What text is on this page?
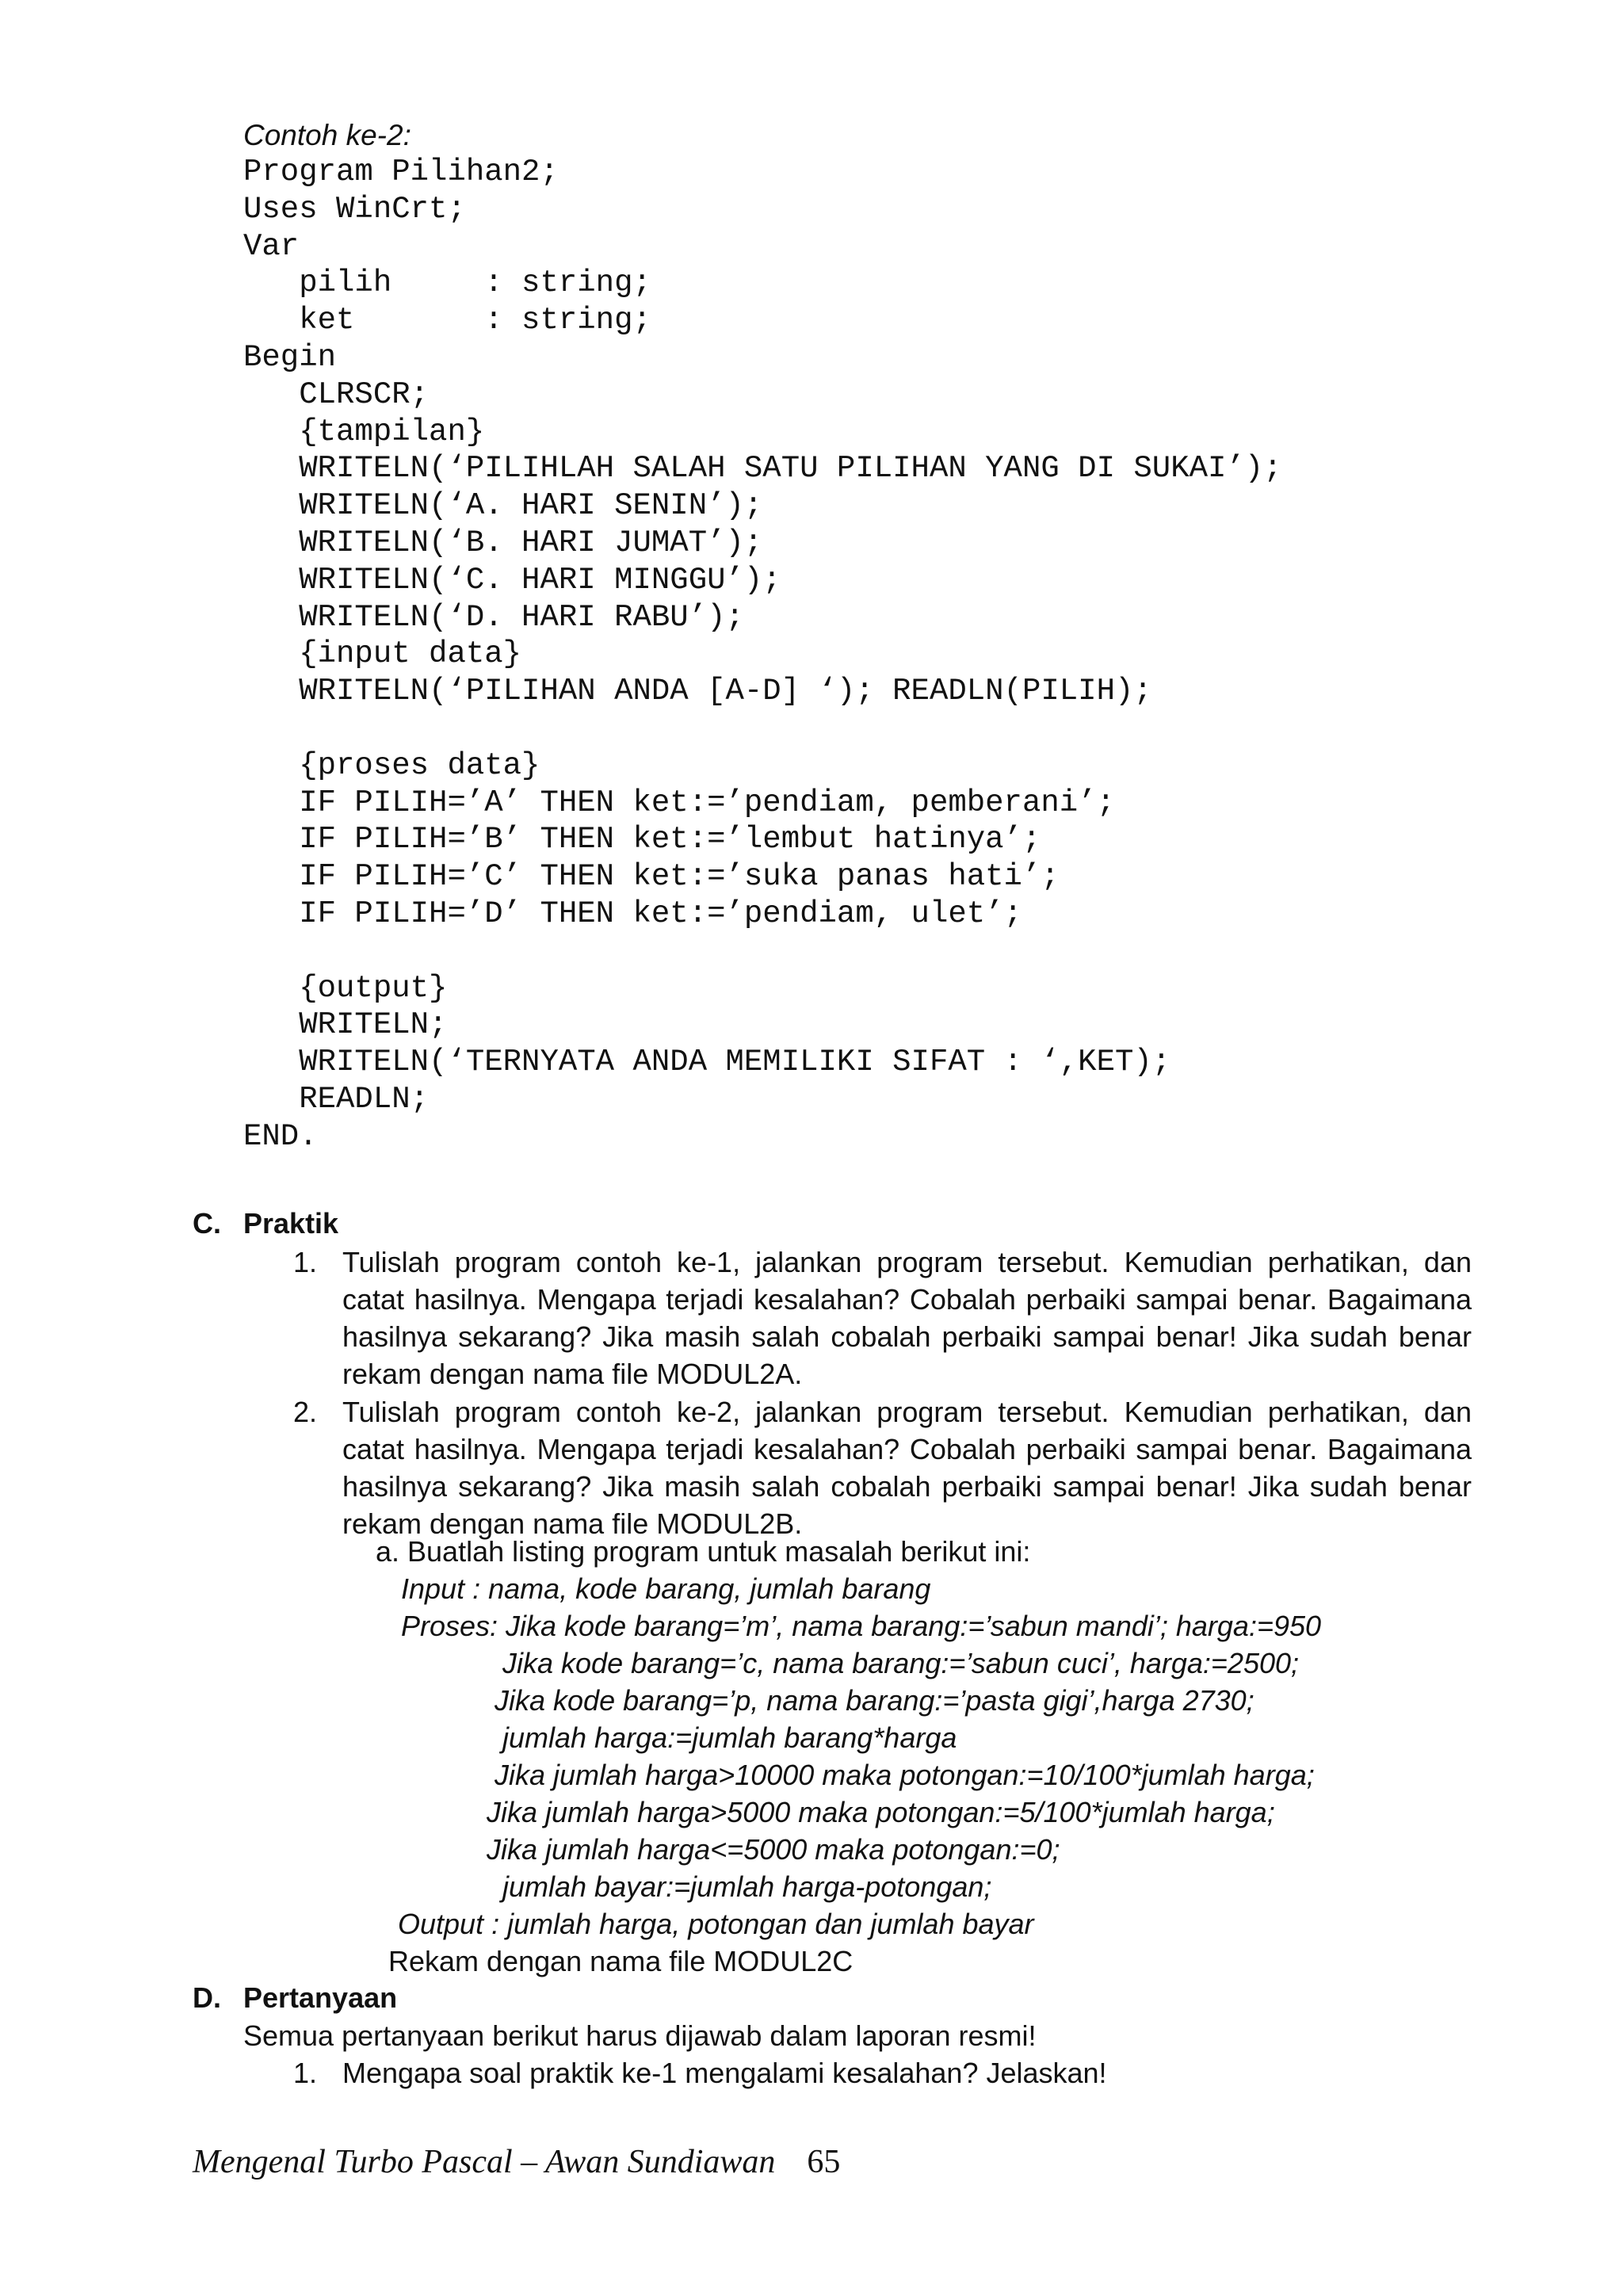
Contoh ke-2:

Program Pilihan2;
Uses WinCrt;
Var
pilih     : string;
ket       : string;
Begin
CLRSCR;
{tampilan}
WRITELN(‘PILIHLAH SALAH SATU PILIHAN YANG DI SUKAI’);
WRITELN(‘A. HARI SENIN’);
WRITELN(‘B. HARI JUMAT’);
WRITELN(‘C. HARI MINGGU’);
WRITELN(‘D. HARI RABU’);
{input data}
WRITELN(‘PILIHAN ANDA [A-D] ‘); READLN(PILIH);
{proses data}
IF PILIH=’A’ THEN ket:=’pendiam, pemberani’;
IF PILIH=’B’ THEN ket:=’lembut hatinya’;
IF PILIH=’C’ THEN ket:=’suka panas hati’;
IF PILIH=’D’ THEN ket:=’pendiam, ulet’;
{output}
WRITELN;
WRITELN(‘TERNYATA ANDA MEMILIKI SIFAT : ‘,KET);
READLN;
END.
C. Praktik
1. Tulislah program contoh ke-1, jalankan program tersebut. Kemudian perhatikan, dan catat hasilnya. Mengapa terjadi kesalahan? Cobalah perbaiki sampai benar. Bagaimana hasilnya sekarang? Jika masih salah cobalah perbaiki sampai benar! Jika sudah benar rekam dengan nama file MODUL2A.
2. Tulislah program contoh ke-2, jalankan program tersebut. Kemudian perhatikan, dan catat hasilnya. Mengapa terjadi kesalahan? Cobalah perbaiki sampai benar. Bagaimana hasilnya sekarang? Jika masih salah cobalah perbaiki sampai benar! Jika sudah benar rekam dengan nama file MODUL2B.
a. Buatlah listing program untuk masalah berikut ini:
Input : nama, kode barang, jumlah barang
Proses : Jika kode barang=’m’, nama barang:=’sabun mandi’; harga:=950
Jika kode barang=’c, nama barang:=’sabun cuci’, harga:=2500;
Jika kode barang=’p, nama barang:=’pasta gigi’,harga 2730;
jumlah harga:=jumlah barang*harga
Jika jumlah harga>10000 maka potongan:=10/100*jumlah harga;
Jika jumlah harga>5000 maka potongan:=5/100*jumlah harga;
Jika jumlah harga<=5000 maka potongan:=0;
jumlah bayar:=jumlah harga-potongan;
Output : jumlah harga, potongan dan jumlah bayar
Rekam dengan nama file MODUL2C
D. Pertanyaan
Semua pertanyaan berikut harus dijawab dalam laporan resmi!
1. Mengapa soal praktik ke-1 mengalami kesalahan? Jelaskan!
Mengenal Turbo Pascal – Awan Sundiawan 65
